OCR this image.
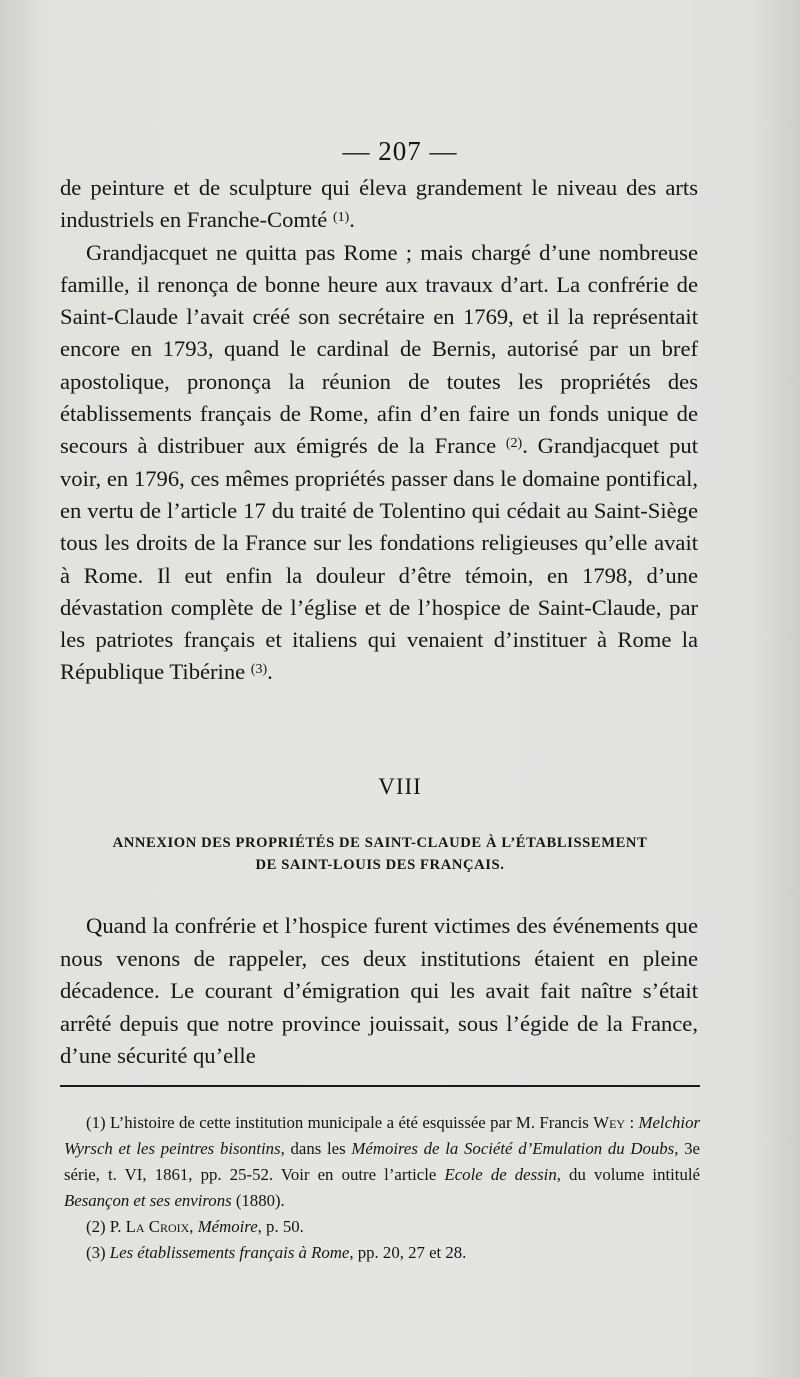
— 207 —

de peinture et de sculpture qui éleva grandement le niveau des arts industriels en Franche-Comté $^{(1)}$.

Grandjacquet ne quitta pas Rome ; mais chargé d’une nombreuse famille, il renonça de bonne heure aux travaux d’art. La confrérie de Saint-Claude l’avait créé son secrétaire en 1769, et il la représentait encore en 1793, quand le cardinal de Bernis, autorisé par un bref apostolique, prononça la réunion de toutes les propriétés des établissements français de Rome, afin d’en faire un fonds unique de secours à distribuer aux émigrés de la France $^{(2)}$. Grandjacquet put voir, en 1796, ces mêmes propriétés passer dans le domaine pontifical, en vertu de l’article 17 du traité de Tolentino qui cédait au Saint-Siège tous les droits de la France sur les fondations religieuses qu’elle avait à Rome. Il eut enfin la douleur d’être témoin, en 1798, d’une dévastation complète de l’église et de l’hospice de Saint-Claude, par les patriotes français et italiens qui venaient d’instituer à Rome la République Tibérine $^{(3)}$.

VIII
ANNEXION DES PROPRIÉTÉS DE SAINT-CLAUDE À L’ÉTABLISSEMENT
DE SAINT-LOUIS DES FRANÇAIS.

Quand la confrérie et l’hospice furent victimes des événements que nous venons de rappeler, ces deux institutions étaient en pleine décadence. Le courant d’émigration qui les avait fait naître s’était arrêté depuis que notre province jouissait, sous l’égide de la France, d’une sécurité qu’elle

(1) L’histoire de cette institution municipale a été esquissée par M. Francis Wey : Melchior Wyrsch et les peintres bisontins, dans les Mémoires de la Société d’Emulation du Doubs, 3e série, t. VI, 1861, pp. 25-52. Voir en outre l’article Ecole de dessin, du volume intitulé Besançon et ses environs (1880).

(2) P. La Croix, Mémoire, p. 50.

(3) Les établissements français à Rome, pp. 20, 27 et 28.
